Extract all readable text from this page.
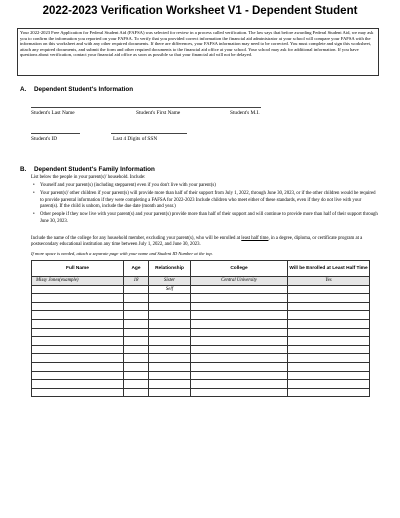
2022-2023 Verification Worksheet V1 - Dependent Student
Your 2022-2023 Free Application for Federal Student Aid (FAFSA) was selected for review in a process called verification. The law says that before awarding Federal Student Aid, we may ask you to confirm the information you reported on your FAFSA. To verify that you provided correct information the financial aid administrator at your school will compare your FAFSA with the information on this worksheet and with any other required documents. If there are differences, your FAFSA information may need to be corrected. You must complete and sign this worksheet, attach any required documents, and submit the form and other required documents to the financial aid office at your school. Your school may ask for additional information. If you have questions about verification, contact your financial aid office as soon as possible so that your financial aid will not be delayed.
A. Dependent Student's Information
Student's Last Name	Student's First Name	Student's M.I.
Student's ID	Last 4 Digits of SSN
B. Dependent Student's Family Information
List below the people in your parent(s)' household. Include:
• Yourself and your parent(s) (including stepparent) even if you don't live with your parent(s)
• Your parent(s)' other children if your parent(s) will provide more than half of their support from July 1, 2022, through June 30, 2023, or if the other children would be required to provide parental information if they were completing a FAFSA for 2022-2023 Include children who meet either of these standards, even if they do not live with your parent(s). If the child is unborn, include the due date (month and year.)
• Other people if they now live with your parent(s) and your parent(s) provide more than half of their support and will continue to provide more than half of their support through June 30, 2023.
Include the name of the college for any household member, excluding your parent(s), who will be enrolled at least half time, in a degree, diploma, or certificate program at a postsecondary educational institution any time between July 1, 2022, and June 30, 2023.
If more space is needed, attach a separate page with your name and Student ID Number at the top.
Full Name	Age	Relationship	College	Will be Enrolled at Least Half Time
Missy Jones(example)	18	Sister	Central University	Yes
		Self		
